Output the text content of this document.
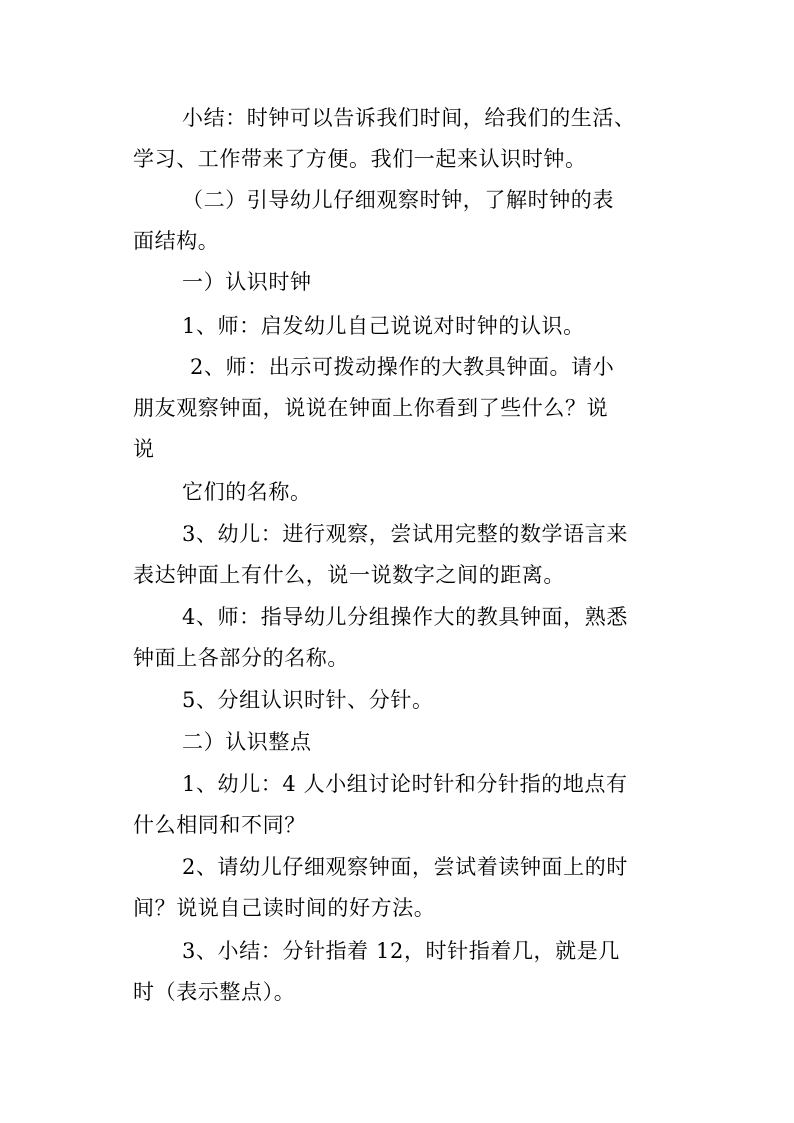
小结：时钟可以告诉我们时间，给我们的生活、
学习、工作带来了方便。我们一起来认识时钟。
（二）引导幼儿仔细观察时钟，了解时钟的表
面结构。
一）认识时钟
1、师：启发幼儿自己说说对时钟的认识。
2、师：出示可拨动操作的大教具钟面。请小
朋友观察钟面，说说在钟面上你看到了些什么？说
说
它们的名称。
3、幼儿：进行观察，尝试用完整的数学语言来
表达钟面上有什么，说一说数字之间的距离。
4、师：指导幼儿分组操作大的教具钟面，熟悉
钟面上各部分的名称。
5、分组认识时针、分针。
二）认识整点
1、幼儿：4 人小组讨论时针和分针指的地点有
什么相同和不同？
2、请幼儿仔细观察钟面，尝试着读钟面上的时
间？说说自己读时间的好方法。
3、小结：分针指着 12，时针指着几，就是几
时（表示整点）。
